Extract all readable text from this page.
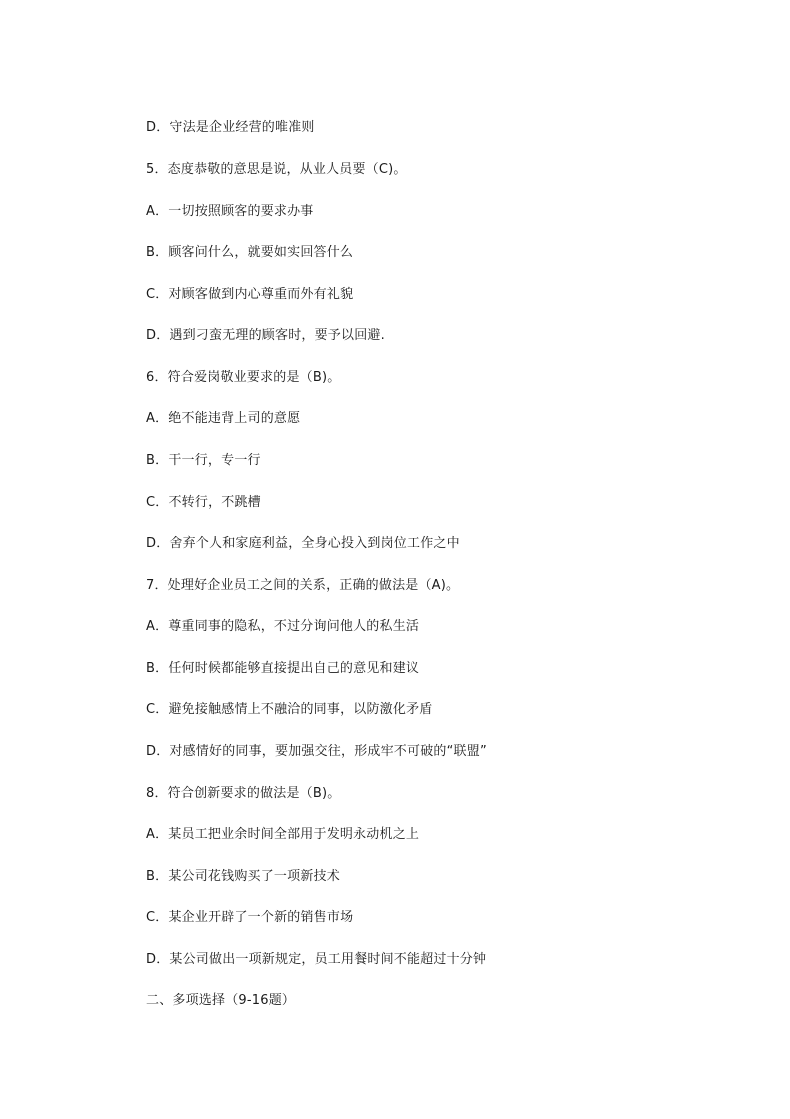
D．守法是企业经营的唯准则

5．态度恭敬的意思是说，从业人员要（C)。

A．一切按照顾客的要求办事

B．顾客问什么，就要如实回答什么

C．对顾客做到内心尊重而外有礼貌

D．遇到刁蛮无理的顾客时，要予以回避.

6．符合爱岗敬业要求的是（B)。

A．绝不能违背上司的意愿

B．干一行，专一行

C．不转行，不跳槽

D．舍弃个人和家庭利益，全身心投入到岗位工作之中

7．处理好企业员工之间的关系，正确的做法是（A)。

A．尊重同事的隐私，不过分询问他人的私生活

B．任何时候都能够直接提出自己的意见和建议

C．避免接触感情上不融洽的同事，以防激化矛盾

D．对感情好的同事，要加强交往，形成牢不可破的“联盟”

8．符合创新要求的做法是（B)。

A．某员工把业余时间全部用于发明永动机之上

B．某公司花钱购买了一项新技术

C．某企业开辟了一个新的销售市场

D．某公司做出一项新规定，员工用餐时间不能超过十分钟

二、多项选择（9-16题）
